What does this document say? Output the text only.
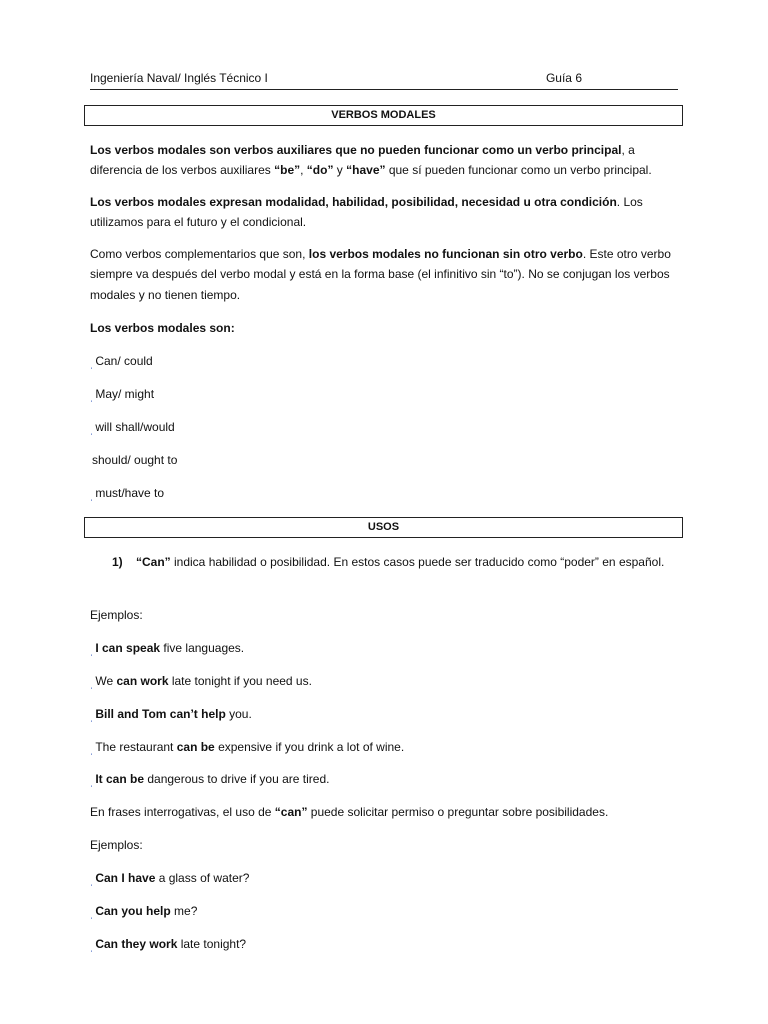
Ingeniería Naval/ Inglés Técnico I	Guía 6
VERBOS MODALES
Los verbos modales son verbos auxiliares que no pueden funcionar como un verbo principal, a diferencia de los verbos auxiliares “be”, “do” y “have” que sí pueden funcionar como un verbo principal.
Los verbos modales expresan modalidad, habilidad, posibilidad, necesidad u otra condición. Los utilizamos para el futuro y el condicional.
Como verbos complementarios que son, los verbos modales no funcionan sin otro verbo. Este otro verbo siempre va después del verbo modal y está en la forma base (el infinitivo sin “to”). No se conjugan los verbos modales y no tienen tiempo.
Los verbos modales son:
ˌ Can/ could
ˌ May/ might
ˌ will shall/would
should/ ought to
ˌ must/have to
USOS
1) “Can” indica habilidad o posibilidad. En estos casos puede ser traducido como “poder” en español.
Ejemplos:
ˌ I can speak five languages.
ˌ We can work late tonight if you need us.
ˌ Bill and Tom can’t help you.
ˌ The restaurant can be expensive if you drink a lot of wine.
ˌ It can be dangerous to drive if you are tired.
En frases interrogativas, el uso de “can” puede solicitar permiso o preguntar sobre posibilidades.
Ejemplos:
ˌ Can I have a glass of water?
ˌ Can you help me?
ˌ Can they work late tonight?
